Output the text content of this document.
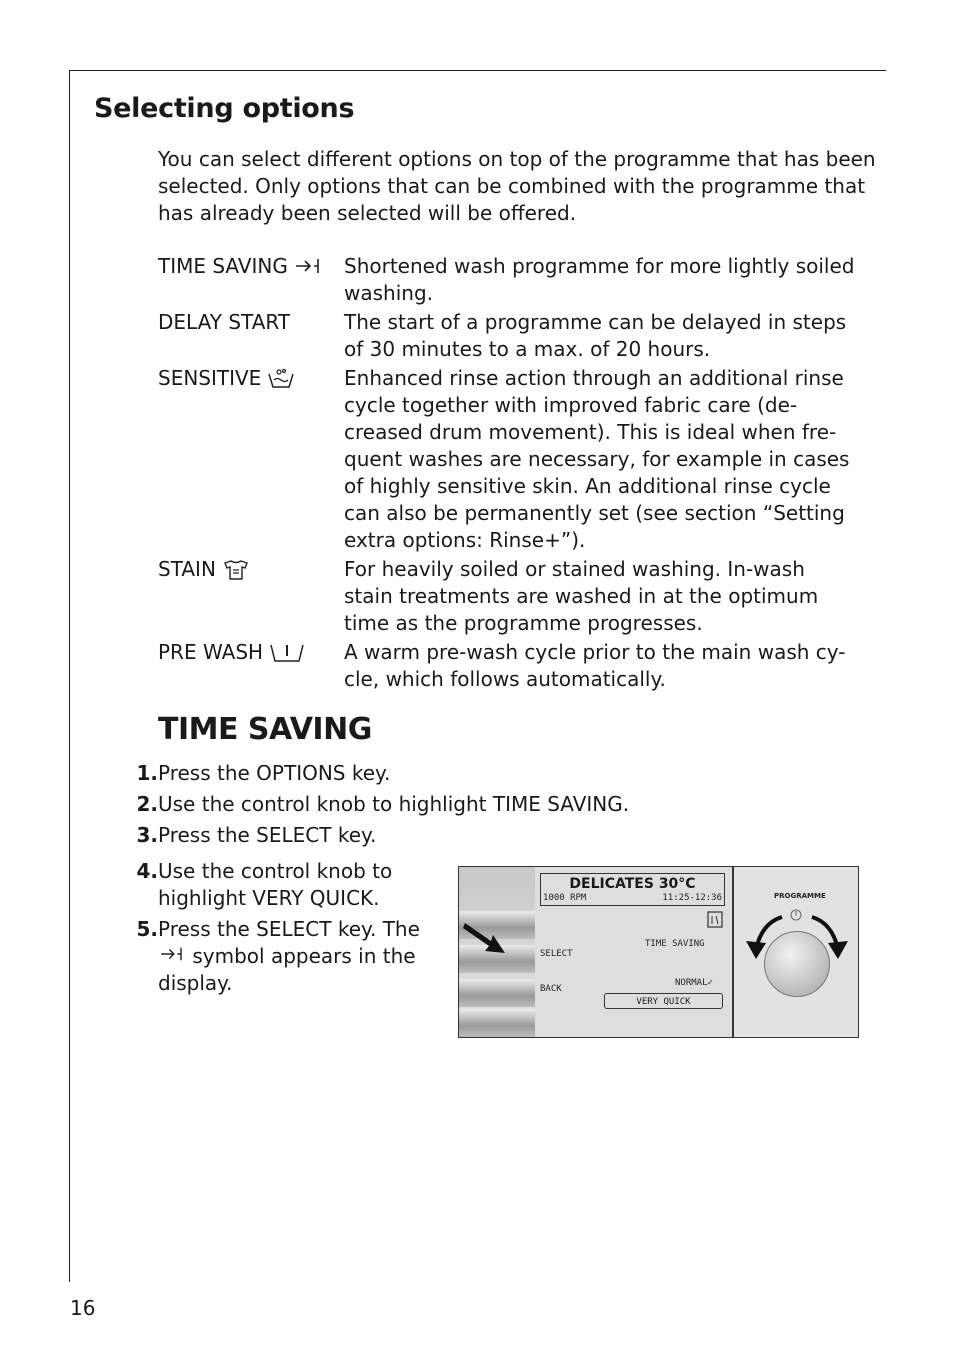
Selecting options

You can select different options on top of the programme that has been selected. Only options that can be combined with the programme that has already been selected will be offered.

TIME SAVING	Shortened wash programme for more lightly soiled washing.
DELAY START	The start of a programme can be delayed in steps of 30 minutes to a max. of 20 hours.
SENSITIVE	Enhanced rinse action through an additional rinse cycle together with improved fabric care (de-creased drum movement). This is ideal when fre-quent washes are necessary, for example in cases of highly sensitive skin. An additional rinse cycle can also be permanently set (see section “Setting extra options: Rinse+”).
STAIN	For heavily soiled or stained washing. In-wash stain treatments are washed in at the optimum time as the programme progresses.
PRE WASH	A warm pre-wash cycle prior to the main wash cy-cle, which follows automatically.
TIME SAVING
1. Press the OPTIONS key.
2. Use the control knob to highlight TIME SAVING.
3. Press the SELECT key.
4. Use the control knob to highlight VERY QUICK.
5. Press the SELECT key. The
symbol appears in the display.
DELICATES 30°C
1000 RPM	11:25-12:36
SELECT
BACK
TIME SAVING
NORMAL✓
VERY QUICK
PROGRAMME
16
